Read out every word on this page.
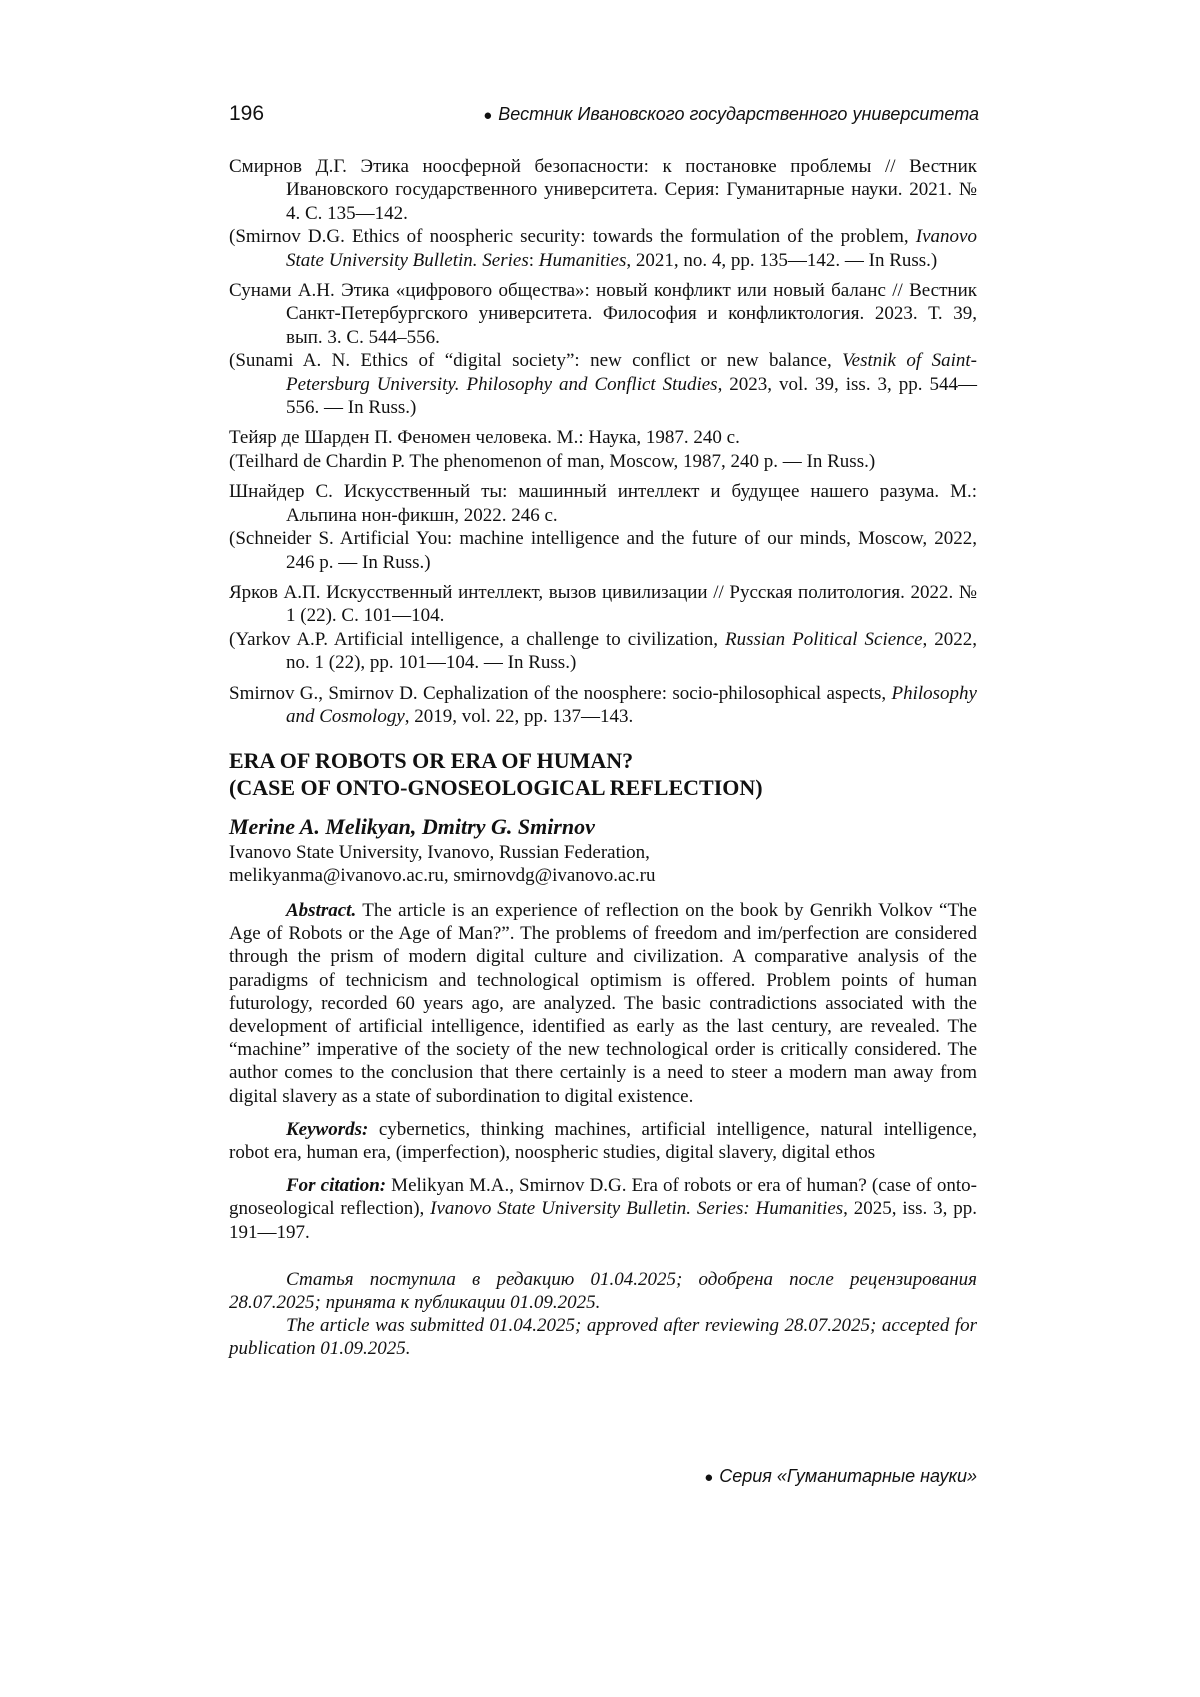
196	● Вестник Ивановского государственного университета

Смирнов Д.Г. Этика ноосферной безопасности: к постановке проблемы // Вестник Ивановского государственного университета. Серия: Гуманитарные науки. 2021. № 4. С. 135—142.

(Smirnov D.G. Ethics of noospheric security: towards the formulation of the problem, Ivanovo State University Bulletin. Series: Humanities, 2021, no. 4, pp. 135—142. — In Russ.)

Сунами А.Н. Этика «цифрового общества»: новый конфликт или новый баланс // Вестник Санкт-Петербургского университета. Философия и конфликтология. 2023. Т. 39, вып. 3. С. 544–556.

(Sunami A. N. Ethics of “digital society”: new conflict or new balance, Vestnik of Saint-Petersburg University. Philosophy and Conflict Studies, 2023, vol. 39, iss. 3, pp. 544—556. — In Russ.)

Тейяр де Шарден П. Феномен человека. М.: Наука, 1987. 240 с.

(Teilhard de Chardin P. The phenomenon of man, Moscow, 1987, 240 p. — In Russ.)

Шнайдер С. Искусственный ты: машинный интеллект и будущее нашего разума. М.: Альпина нон-фикшн, 2022. 246 с.

(Schneider S. Artificial You: machine intelligence and the future of our minds, Moscow, 2022, 246 p. — In Russ.)

Ярков А.П. Искусственный интеллект, вызов цивилизации // Русская политология. 2022. № 1 (22). С. 101—104.

(Yarkov A.P. Artificial intelligence, a challenge to civilization, Russian Political Science, 2022, no. 1 (22), pp. 101—104. — In Russ.)

Smirnov G., Smirnov D. Cephalization of the noosphere: socio-philosophical aspects, Philosophy and Cosmology, 2019, vol. 22, pp. 137—143.

ERA OF ROBOTS OR ERA OF HUMAN?
(CASE OF ONTO-GNOSEOLOGICAL REFLECTION)

Merine A. Melikyan, Dmitry G. Smirnov

Ivanovo State University, Ivanovo, Russian Federation,

melikyanma@ivanovo.ac.ru, smirnovdg@ivanovo.ac.ru

Abstract. The article is an experience of reflection on the book by Genrikh Volkov “The Age of Robots or the Age of Man?”. The problems of freedom and im/perfection are considered through the prism of modern digital culture and civilization. A comparative analysis of the paradigms of technicism and technological optimism is offered. Problem points of human futurology, recorded 60 years ago, are analyzed. The basic contradictions associated with the development of artificial intelligence, identified as early as the last century, are revealed. The “machine” imperative of the society of the new technological order is critically considered. The author comes to the conclusion that there certainly is a need to steer a modern man away from digital slavery as a state of subordination to digital existence.

Keywords: cybernetics, thinking machines, artificial intelligence, natural intelligence, robot era, human era, (imperfection), noospheric studies, digital slavery, digital ethos

For citation: Melikyan M.A., Smirnov D.G. Era of robots or era of human? (case of onto-gnoseological reflection), Ivanovo State University Bulletin. Series: Humanities, 2025, iss. 3, pp. 191—197.

Статья поступила в редакцию 01.04.2025; одобрена после рецензирования 28.07.2025; принята к публикации 01.09.2025.

The article was submitted 01.04.2025; approved after reviewing 28.07.2025; accepted for publication 01.09.2025.

● Серия «Гуманитарные науки»
